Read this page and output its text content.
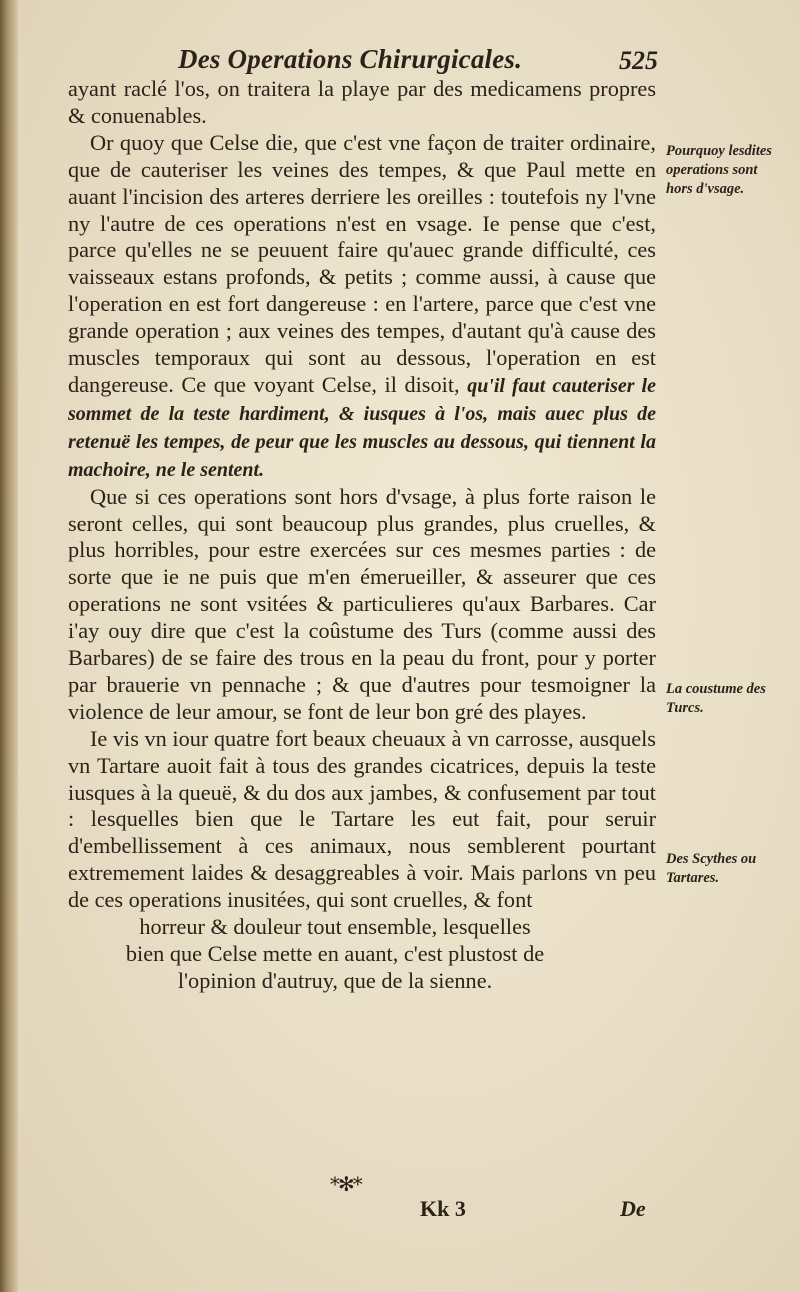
Des Operations Chirurgicales.	525

ayant raclé l'os, on traitera la playe par des medicamens propres & conuenables.

Or quoy que Celse die, que c'est vne façon de traiter ordinaire, que de cauteriser les veines des tempes, & que Paul mette en auant l'incision des arteres derriere les oreilles : toutefois ny l'vne ny l'autre de ces operations n'est en vsage. Ie pense que c'est, parce qu'elles ne se peuuent faire qu'auec grande difficulté, ces vaisseaux estans profonds, & petits ; comme aussi, à cause que l'operation en est fort dangereuse : en l'artere, parce que c'est vne grande operation ; aux veines des tempes, d'autant qu'à cause des muscles temporaux qui sont au dessous, l'operation en est dangereuse. Ce que voyant Celse, il disoit, qu'il faut cauteriser le sommet de la teste hardiment, & iusques à l'os, mais auec plus de retenuë les tempes, de peur que les muscles au dessous, qui tiennent la machoire, ne le sentent.

Que si ces operations sont hors d'vsage, à plus forte raison le seront celles, qui sont beaucoup plus grandes, plus cruelles, & plus horribles, pour estre exercées sur ces mesmes parties : de sorte que ie ne puis que m'en émerueiller, & asseurer que ces operations ne sont vsitées & particulieres qu'aux Barbares. Car i'ay ouy dire que c'est la coûstume des Turs (comme aussi des Barbares) de se faire des trous en la peau du front, pour y porter par brauerie vn pennache ; & que d'autres pour tesmoigner la violence de leur amour, se font de leur bon gré des playes.

Ie vis vn iour quatre fort beaux cheuaux à vn carrosse, ausquels vn Tartare auoit fait à tous des grandes cicatrices, depuis la teste iusques à la queuë, & du dos aux jambes, & confusement par tout : lesquelles bien que le Tartare les eut fait, pour seruir d'embellissement à ces animaux, nous semblerent pourtant extremement laides & desaggreables à voir. Mais parlons vn peu de ces operations inusitées, qui sont cruelles, & font

horreur & douleur tout ensemble, lesquelles bien que Celse mette en auant, c'est plustost de l'opinion d'autruy, que de la sienne.

Pourquoy lesdites operations sont hors d'vsage.
La coustume des Turcs.
Des Scythes ou Tartares.
*✻*
Kk 3	De
